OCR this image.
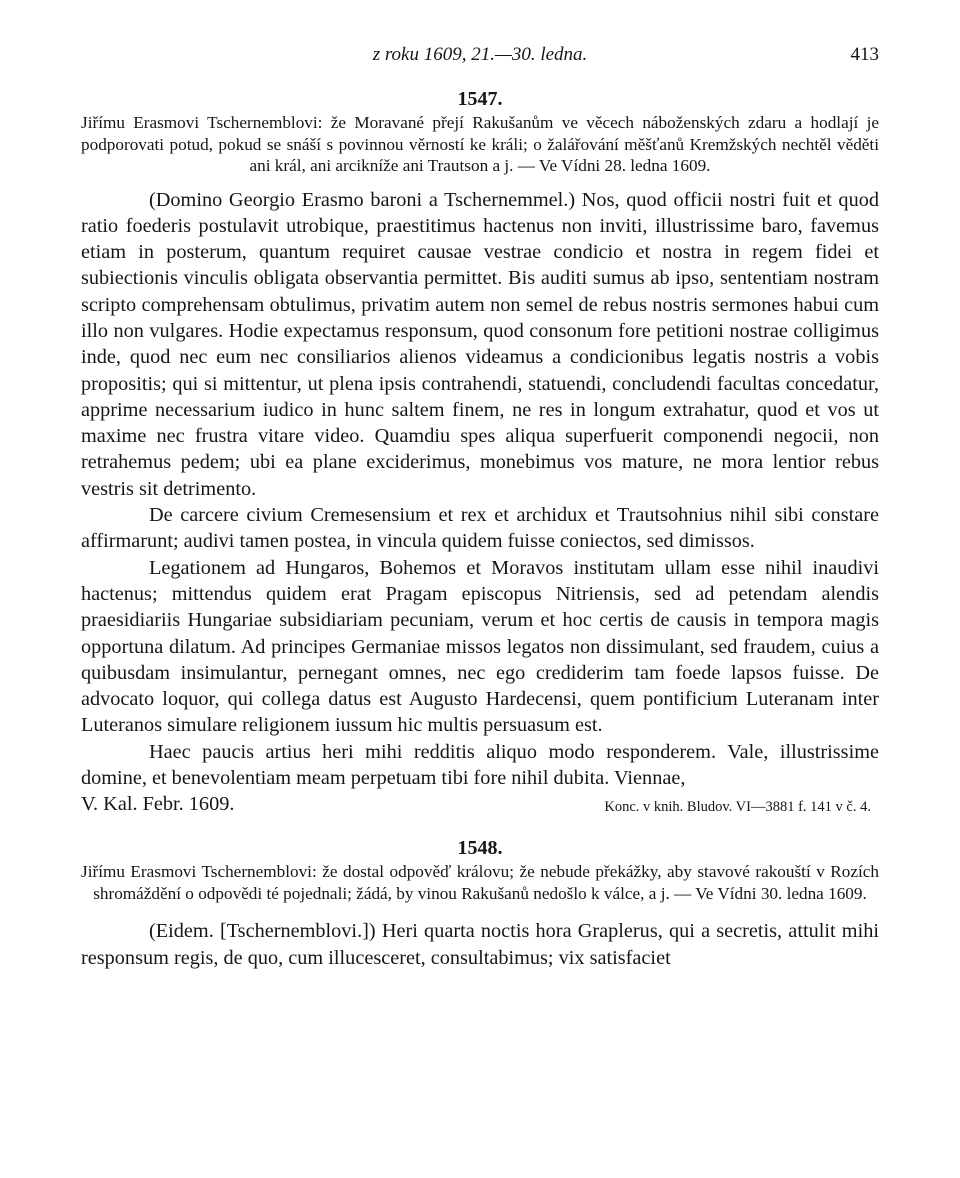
z roku 1609, 21.—30. ledna.	413
1547.

Jiřímu Erasmovi Tschernemblovi: že Moravané přejí Rakušanům ve věcech náboženských zdaru a hodlají je podporovati potud, pokud se snáší s povinnou věrností ke králi; o žalářování měšťanů Kremžských nechtěl věděti ani král, ani arcikníže ani Trautson a j. — Ve Vídni 28. ledna 1609.

(Domino Georgio Erasmo baroni a Tschernemmel.) Nos, quod officii nostri fuit et quod ratio foederis postulavit utrobique, praestitimus hactenus non inviti, illustrissime baro, favemus etiam in posterum, quantum requiret causae vestrae condicio et nostra in regem fidei et subiectionis vinculis obligata observantia permittet. Bis auditi sumus ab ipso, sententiam nostram scripto comprehensam obtulimus, privatim autem non semel de rebus nostris sermones habui cum illo non vulgares. Hodie expectamus responsum, quod consonum fore petitioni nostrae colligimus inde, quod nec eum nec consiliarios alienos videamus a condicionibus legatis nostris a vobis propositis; qui si mittentur, ut plena ipsis contrahendi, statuendi, concludendi facultas concedatur, apprime necessarium iudico in hunc saltem finem, ne res in longum extrahatur, quod et vos ut maxime nec frustra vitare video. Quamdiu spes aliqua superfuerit componendi negocii, non retrahemus pedem; ubi ea plane exciderimus, monebimus vos mature, ne mora lentior rebus vestris sit detrimento.

De carcere civium Cremesensium et rex et archidux et Trautsohnius nihil sibi constare affirmarunt; audivi tamen postea, in vincula quidem fuisse coniectos, sed dimissos.

Legationem ad Hungaros, Bohemos et Moravos institutam ullam esse nihil inaudivi hactenus; mittendus quidem erat Pragam episcopus Nitriensis, sed ad petendam alendis praesidiariis Hungariae subsidiariam pecuniam, verum et hoc certis de causis in tempora magis opportuna dilatum. Ad principes Germaniae missos legatos non dissimulant, sed fraudem, cuius a quibusdam insimulantur, pernegant omnes, nec ego crediderim tam foede lapsos fuisse. De advocato loquor, qui collega datus est Augusto Hardecensi, quem pontificium Luteranam inter Luteranos simulare religionem iussum hic multis persuasum est.

Haec paucis artius heri mihi redditis aliquo modo responderem. Vale, illustrissime domine, et benevolentiam meam perpetuam tibi fore nihil dubita. Viennae,

V. Kal. Febr. 1609.	Konc. v knih. Bludov. VI—3881 f. 141 v č. 4.
1548.

Jiřímu Erasmovi Tschernemblovi: že dostal odpověď královu; že nebude překážky, aby stavové rakouští v Rozích shromáždění o odpovědi té pojednali; žádá, by vinou Rakušanů nedošlo k válce, a j. — Ve Vídni 30. ledna 1609.

(Eidem. [Tschernemblovi.]) Heri quarta noctis hora Graplerus, qui a secretis, attulit mihi responsum regis, de quo, cum illucesceret, consultabimus; vix satisfaciet
